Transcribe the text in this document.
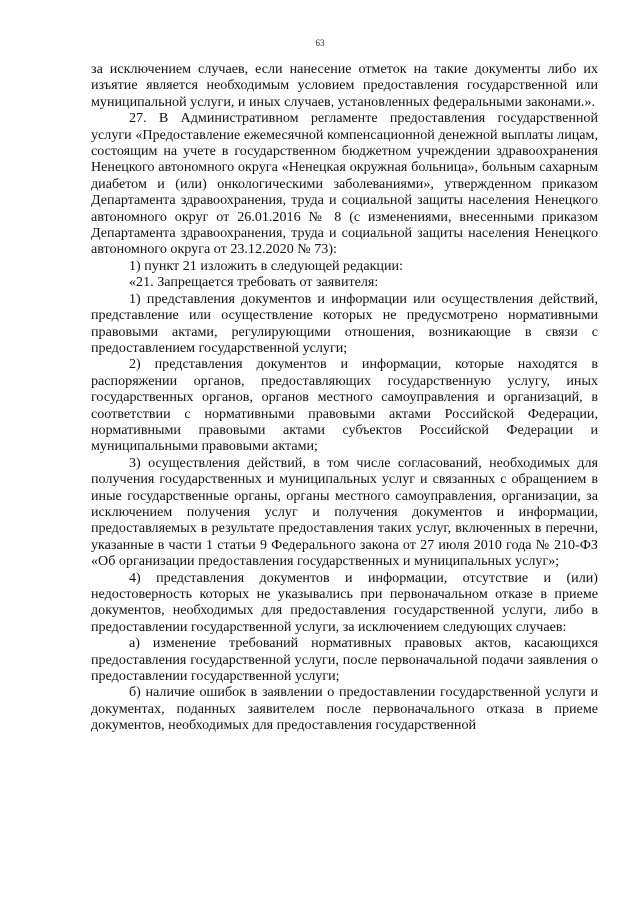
63

за исключением случаев, если нанесение отметок на такие документы либо их изъятие является необходимым условием предоставления государственной или муниципальной услуги, и иных случаев, установленных федеральными законами.».

27. В Административном регламенте предоставления государственной услуги «Предоставление ежемесячной компенсационной денежной выплаты лицам, состоящим на учете в государственном бюджетном учреждении здравоохранения Ненецкого автономного округа «Ненецкая окружная больница», больным сахарным диабетом и (или) онкологическими заболеваниями», утвержденном приказом Департамента здравоохранения, труда и социальной защиты населения Ненецкого автономного округ от 26.01.2016 № 8 (с изменениями, внесенными приказом Департамента здравоохранения, труда и социальной защиты населения Ненецкого автономного округа от 23.12.2020 № 73):

1) пункт 21 изложить в следующей редакции:

«21. Запрещается требовать от заявителя:

1) представления документов и информации или осуществления действий, представление или осуществление которых не предусмотрено нормативными правовыми актами, регулирующими отношения, возникающие в связи с предоставлением государственной услуги;

2) представления документов и информации, которые находятся в распоряжении органов, предоставляющих государственную услугу, иных государственных органов, органов местного самоуправления и организаций, в соответствии с нормативными правовыми актами Российской Федерации, нормативными правовыми актами субъектов Российской Федерации и муниципальными правовыми актами;

3) осуществления действий, в том числе согласований, необходимых для получения государственных и муниципальных услуг и связанных с обращением в иные государственные органы, органы местного самоуправления, организации, за исключением получения услуг и получения документов и информации, предоставляемых в результате предоставления таких услуг, включенных в перечни, указанные в части 1 статьи 9 Федерального закона от 27 июля 2010 года № 210-ФЗ «Об организации предоставления государственных и муниципальных услуг»;

4) представления документов и информации, отсутствие и (или) недостоверность которых не указывались при первоначальном отказе в приеме документов, необходимых для предоставления государственной услуги, либо в предоставлении государственной услуги, за исключением следующих случаев:

а) изменение требований нормативных правовых актов, касающихся предоставления государственной услуги, после первоначальной подачи заявления о предоставлении государственной услуги;

б) наличие ошибок в заявлении о предоставлении государственной услуги и документах, поданных заявителем после первоначального отказа в приеме документов, необходимых для предоставления государственной
